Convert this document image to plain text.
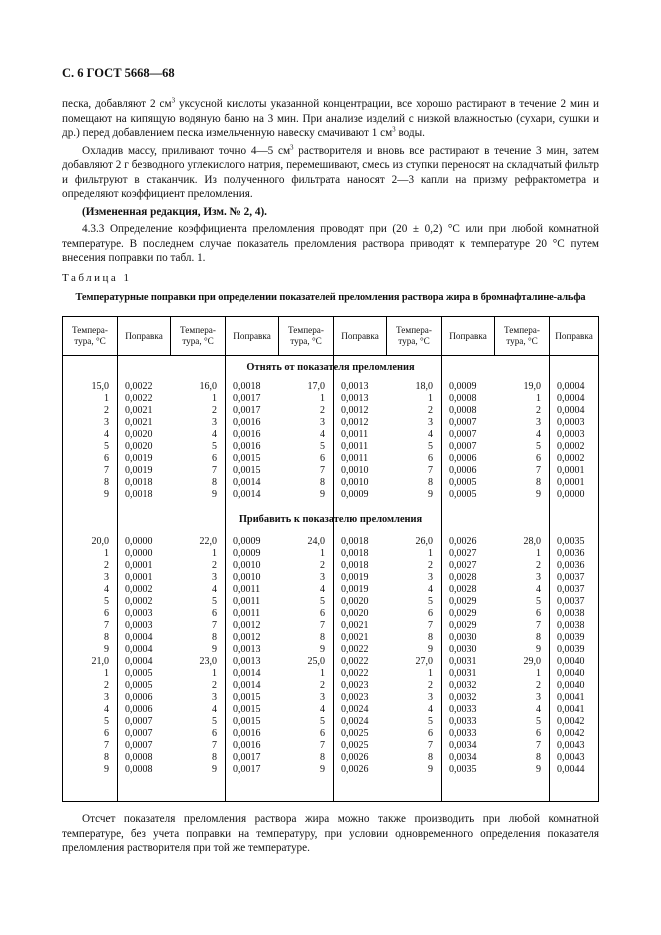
С. 6 ГОСТ 5668—68

песка, добавляют 2 $см^3$ уксусной кислоты указанной концентрации, все хорошо растирают в течение 2 мин и помещают на кипящую водяную баню на 3 мин. При анализе изделий с низкой влажностью (сухари, сушки и др.) перед добавлением песка измельченную навеску смачивают 1 $см^3$ воды.

Охладив массу, приливают точно 4—5 $см^3$ растворителя и вновь все растирают в течение 3 мин, затем добавляют 2 г безводного углекислого натрия, перемешивают, смесь из ступки переносят на складчатый фильтр и фильтруют в стаканчик. Из полученного фильтрата наносят 2—3 капли на призму рефрактометра и определяют коэффициент преломления.

(Измененная редакция, Изм. № 2, 4).

4.3.3 Определение коэффициента преломления проводят при (20 ± 0,2) °С или при любой комнатной температуре. В последнем случае показатель преломления раствора приводят к температуре 20 °С путем внесения поправки по табл. 1.

Таблица 1
Температурные поправки при определении показателей преломления раствора жира в бромнафталине-альфа
Темпера-тура, °С
Поправка
Темпера-тура, °С
Поправка
Темпера-тура, °С
Поправка
Темпера-тура, °С
Поправка
Темпера-тура, °С
Поправка
Отнять от показателя преломления
Прибавить к показателю преломления
15,0
1
2
3
4
5
6
7
8
9
0,0022
0,0022
0,0021
0,0021
0,0020
0,0020
0,0019
0,0019
0,0018
0,0018
16,0
1
2
3
4
5
6
7
8
9
0,0018
0,0017
0,0017
0,0016
0,0016
0,0016
0,0015
0,0015
0,0014
0,0014
17,0
1
2
3
4
5
6
7
8
9
0,0013
0,0013
0,0012
0,0012
0,0011
0,0011
0,0011
0,0010
0,0010
0,0009
18,0
1
2
3
4
5
6
7
8
9
0,0009
0,0008
0,0008
0,0007
0,0007
0,0007
0,0006
0,0006
0,0005
0,0005
19,0
1
2
3
4
5
6
7
8
9
0,0004
0,0004
0,0004
0,0003
0,0003
0,0002
0,0002
0,0001
0,0001
0,0000
20,0
1
2
3
4
5
6
7
8
9
21,0
1
2
3
4
5
6
7
8
9
0,0000
0,0000
0,0001
0,0001
0,0002
0,0002
0,0003
0,0003
0,0004
0,0004
0,0004
0,0005
0,0005
0,0006
0,0006
0,0007
0,0007
0,0007
0,0008
0,0008
22,0
1
2
3
4
5
6
7
8
9
23,0
1
2
3
4
5
6
7
8
9
0,0009
0,0009
0,0010
0,0010
0,0011
0,0011
0,0011
0,0012
0,0012
0,0013
0,0013
0,0014
0,0014
0,0015
0,0015
0,0015
0,0016
0,0016
0,0017
0,0017
24,0
1
2
3
4
5
6
7
8
9
25,0
1
2
3
4
5
6
7
8
9
0,0018
0,0018
0,0018
0,0019
0,0019
0,0020
0,0020
0,0021
0,0021
0,0022
0,0022
0,0022
0,0023
0,0023
0,0024
0,0024
0,0025
0,0025
0,0026
0,0026
26,0
1
2
3
4
5
6
7
8
9
27,0
1
2
3
4
5
6
7
8
9
0,0026
0,0027
0,0027
0,0028
0,0028
0,0029
0,0029
0,0029
0,0030
0,0030
0,0031
0,0031
0,0032
0,0032
0,0033
0,0033
0,0033
0,0034
0,0034
0,0035
28,0
1
2
3
4
5
6
7
8
9
29,0
1
2
3
4
5
6
7
8
9
0,0035
0,0036
0,0036
0,0037
0,0037
0,0037
0,0038
0,0038
0,0039
0,0039
0,0040
0,0040
0,0040
0,0041
0,0041
0,0042
0,0042
0,0043
0,0043
0,0044

Отсчет показателя преломления раствора жира можно также производить при любой комнатной температуре, без учета поправки на температуру, при условии одновременного определения показателя преломления растворителя при той же температуре.
